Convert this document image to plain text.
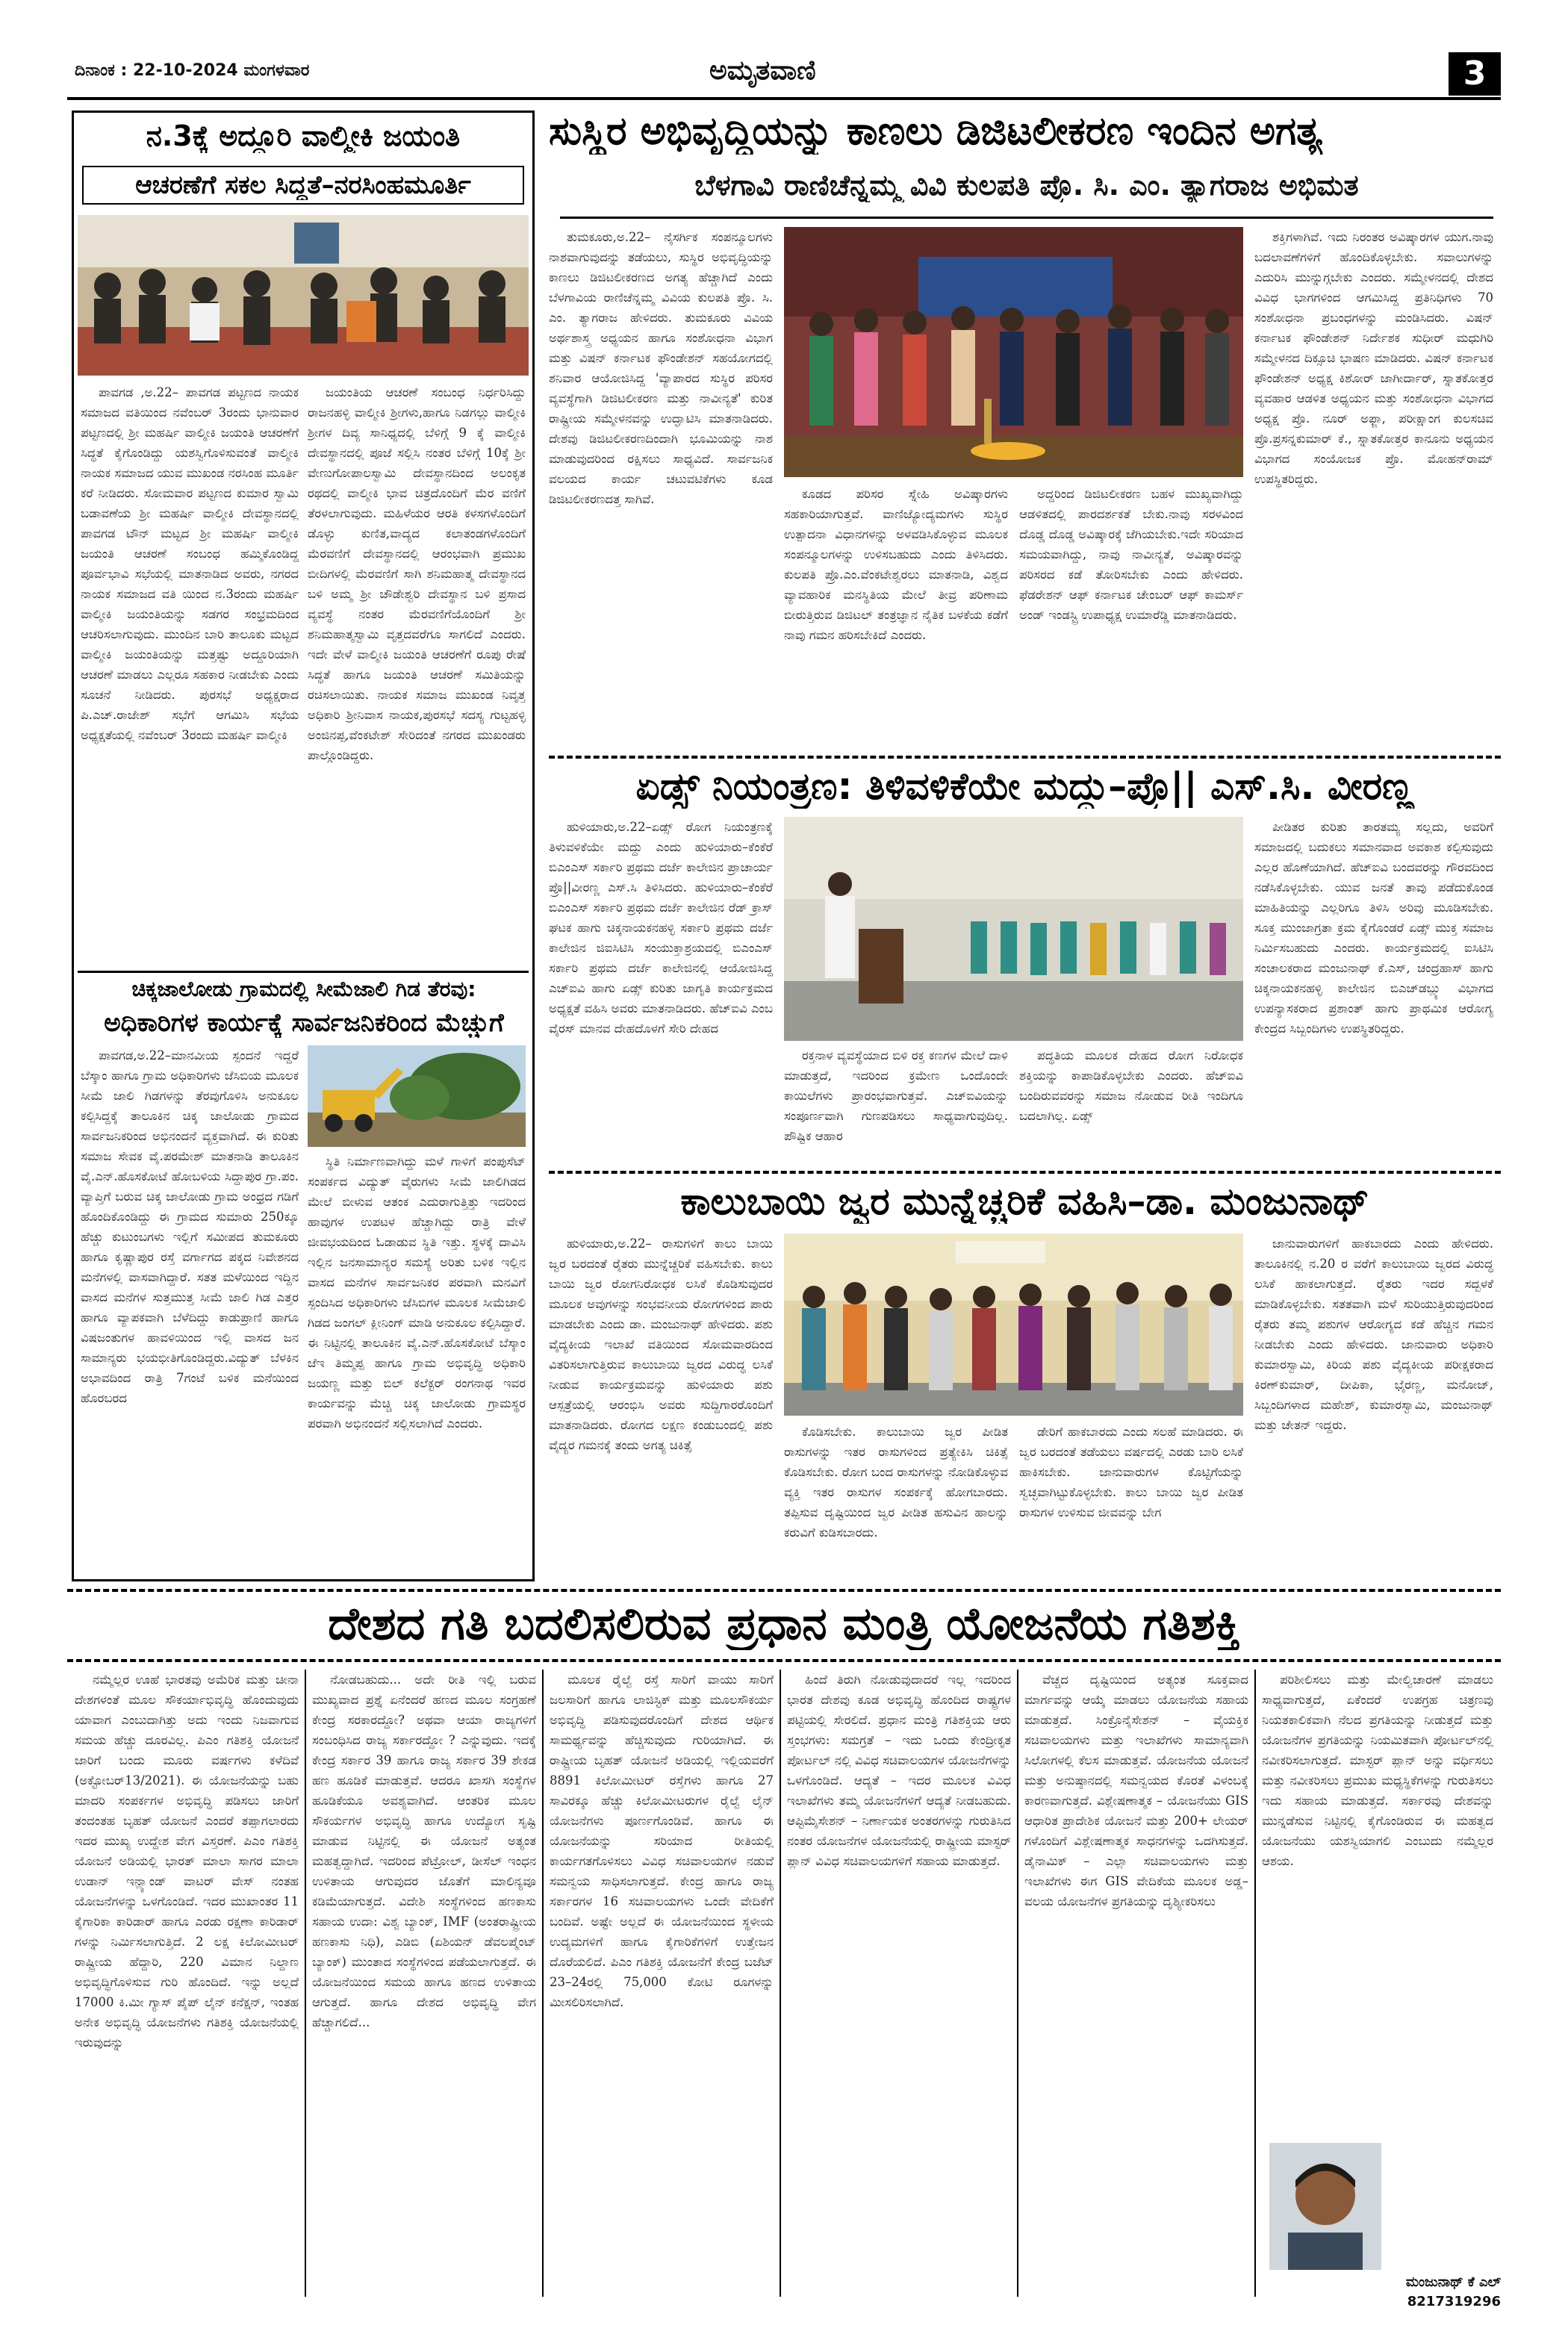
ದಿನಾಂಕ : 22-10-2024 ಮಂಗಳವಾರ	ಅಮೃತವಾಣಿ	3
ನ.3ಕ್ಕೆ ಅದ್ದೂರಿ ವಾಲ್ಮೀಕಿ ಜಯಂತಿ
ಆಚರಣೆಗೆ ಸಕಲ ಸಿದ್ಧತೆ–ನರಸಿಂಹಮೂರ್ತಿ

ಪಾವಗಡ ,ಅ.22– ಪಾವಗಡ ಪಟ್ಟಣದ ನಾಯಕ ಸಮಾಜದ ವತಿಯಿಂದ ನವೆಂಬರ್ 3ರಂದು ಭಾನುವಾರ ಪಟ್ಟಣದಲ್ಲಿ ಶ್ರೀ ಮಹರ್ಷಿ ವಾಲ್ಮೀಕಿ ಜಯಂತಿ ಆಚರಣೆಗೆ ಸಿದ್ಧತೆ ಕೈಗೊಂಡಿದ್ದು ಯಶಸ್ವಿಗೊಳಿಸುವಂತೆ ವಾಲ್ಮೀಕಿ ನಾಯಕ ಸಮಾಜದ ಯುವ ಮುಖಂಡ ನರಸಿಂಹ ಮೂರ್ತಿ ಕರೆ ನೀಡಿದರು. ಸೋಮವಾರ ಪಟ್ಟಣದ ಕುಮಾರ ಸ್ವಾಮಿ ಬಡಾವಣೆಯ ಶ್ರೀ ಮಹರ್ಷಿ ವಾಲ್ಮೀಕಿ ದೇವಸ್ಥಾನದಲ್ಲಿ ಪಾವಗಡ ಟೌನ್ ಮಟ್ಟದ ಶ್ರೀ ಮಹರ್ಷಿ ವಾಲ್ಮೀಕಿ ಜಯಂತಿ ಆಚರಣೆ ಸಂಬಂಧ ಹಮ್ಮಿಕೊಂಡಿದ್ದ ಪೂರ್ವಭಾವಿ ಸಭೆಯಲ್ಲಿ ಮಾತನಾಡಿದ ಅವರು, ನಗರದ ನಾಯಕ ಸಮಾಜದ ವತಿ ಯಿಂದ ನ.3ರಂದು ಮಹರ್ಷಿ ವಾಲ್ಮೀಕಿ ಜಯಂತಿಯನ್ನು ಸಡಗರ ಸಂಭ್ರಮದಿಂದ ಆಚರಿಸಲಾಗುವುದು. ಮುಂದಿನ ಬಾರಿ ತಾಲೂಕು ಮಟ್ಟದ ವಾಲ್ಮೀಕಿ ಜಯಂತಿಯನ್ನು ಮತ್ತಷ್ಟು ಅದ್ದೂರಿಯಾಗಿ ಆಚರಣೆ ಮಾಡಲು ಎಲ್ಲರೂ ಸಹಕಾರ ನೀಡಬೇಕು ಎಂದು ಸೂಚನೆ ನೀಡಿದರು. ಪುರಸಭೆ ಅಧ್ಯಕ್ಷರಾದ ಪಿ.ಎಚ್.ರಾಜೇಶ್ ಸಭೆಗೆ ಆಗಮಿಸಿ ಸಭೆಯ ಅಧ್ಯಕ್ಷತೆಯಲ್ಲಿ ನವೆಂಬರ್ 3ರಂದು ಮಹರ್ಷಿ ವಾಲ್ಮೀಕಿ

ಜಯಂತಿಯ ಆಚರಣೆ ಸಂಬಂಧ ನಿರ್ಧರಿಸಿದ್ದು ರಾಜನಹಳ್ಳಿ ವಾಲ್ಮೀಕಿ ಶ್ರೀಗಳು,ಹಾಗೂ ನಿಡಗಲ್ಲು ವಾಲ್ಮೀಕಿ ಶ್ರೀಗಳ ದಿವ್ಯ ಸಾನಿಧ್ಯದಲ್ಲಿ ಬೆಳಿಗ್ಗೆ 9 ಕ್ಕೆ ವಾಲ್ಮೀಕಿ ದೇವಸ್ಥಾನದಲ್ಲಿ ಪೂಜೆ ಸಲ್ಲಿಸಿ ನಂತರ ಬೆಳಿಗ್ಗೆ 10ಕ್ಕೆ ಶ್ರೀ ವೇಣುಗೋಪಾಲಸ್ವಾಮಿ ದೇವಸ್ಥಾನದಿಂದ ಅಲಂಕೃತ ರಥದಲ್ಲಿ ವಾಲ್ಮೀಕಿ ಭಾವ ಚಿತ್ರದೊಂದಿಗೆ ಮೆರ ವಣಿಗೆ ತೆರಳಲಾಗುವುದು. ಮಹಿಳೆಯರ ಆರತಿ ಕಳಸಗಳೊಂದಿಗೆ ಡೊಳ್ಳು ಕುಣಿತ,ವಾದ್ಯದ ಕಲಾತಂಡಗಳೊಂದಿಗೆ ಮೆರವಣಿಗೆ ದೇವಸ್ಥಾನದಲ್ಲಿ ಆರಂಭವಾಗಿ ಪ್ರಮುಖ ಬೀದಿಗಳಲ್ಲಿ ಮೆರವಣಿಗೆ ಸಾಗಿ ಶನಿಮಹಾತ್ಮ ದೇವಸ್ಥಾನದ ಬಳಿ ಅಮ್ಮ ಶ್ರೀ ಚೌಡೇಶ್ವರಿ ದೇವಸ್ಥಾನ ಬಳಿ ಪ್ರಸಾದ ವ್ಯವಸ್ಥೆ ನಂತರ ಮೆರವಣಿಗೆಯೊಂದಿಗೆ ಶ್ರೀ ಶನಿಮಹಾತ್ಮಸ್ವಾಮಿ ವೃತ್ತದವರೆಗೂ ಸಾಗಲಿದೆ ಎಂದರು. ಇದೇ ವೇಳೆ ವಾಲ್ಮೀಕಿ ಜಯಂತಿ ಆಚರಣೆಗೆ ರೂಪು ರೇಷೆ ಸಿದ್ಧತೆ ಹಾಗೂ ಜಯಂತಿ ಆಚರಣೆ ಸಮಿತಿಯನ್ನು ರಚಿಸಲಾಯಿತು. ನಾಯಕ ಸಮಾಜ ಮುಖಂಡ ನಿವೃತ್ತ ಅಧಿಕಾರಿ ಶ್ರೀನಿವಾಸ ನಾಯಕ,ಪುರಸಭೆ ಸದಸ್ಯ ಗುಟ್ಟಹಳ್ಳಿ ಅಂಜಿನಪ್ಪ,ವೆಂಕಟೇಶ್ ಸೇರಿದಂತೆ ನಗರದ ಮುಖಂಡರು ಪಾಲ್ಗೊಂಡಿದ್ದರು.

ಚಿಕ್ಕಜಾಲೋಡು ಗ್ರಾಮದಲ್ಲಿ ಸೀಮೆಜಾಲಿ ಗಿಡ ತೆರವು:
ಅಧಿಕಾರಿಗಳ ಕಾರ್ಯಕ್ಕೆ ಸಾರ್ವಜನಿಕರಿಂದ ಮೆಚ್ಚುಗೆ

ಪಾವಗಡ,ಅ.22–ಮಾನವೀಯ ಸ್ಪಂದನೆ ಇದ್ದರೆ ಬೆಸ್ಕಾಂ ಹಾಗೂ ಗ್ರಾಮ ಅಧಿಕಾರಿಗಳು ಜೆಸಿಬಿಯ ಮೂಲಕ ಸೀಮೆ ಜಾಲಿ ಗಿಡಗಳನ್ನು ತೆರವುಗೊಳಿಸಿ ಅನುಕೂಲ ಕಲ್ಪಿಸಿದ್ದಕ್ಕೆ ತಾಲೂಕಿನ ಚಿಕ್ಕ ಜಾಲೋಡು ಗ್ರಾಮದ ಸಾರ್ವಜನಿಕರಿಂದ ಅಭಿನಂದನೆ ವ್ಯಕ್ತವಾಗಿದೆ. ಈ ಕುರಿತು ಸಮಾಜ ಸೇವಕ ವೈ.ಪರಮೇಶ್ ಮಾತನಾಡಿ ತಾಲೂಕಿನ ವೈ.ಎನ್.ಹೊಸಕೋಟೆ ಹೋಬಳಿಯ ಸಿದ್ದಾಪುರ ಗ್ರಾ.ಪಂ. ವ್ಯಾಪ್ತಿಗೆ ಬರುವ ಚಿಕ್ಕ ಜಾಲೋಡು ಗ್ರಾಮ ಅಂಧ್ರದ ಗಡಿಗೆ ಹೊಂದಿಕೊಂಡಿದ್ದು ಈ ಗ್ರಾಮದ ಸುಮಾರು 250ಕ್ಕೂ ಹೆಚ್ಚು ಕುಟುಂಬಗಳು ಇಲ್ಲಿಗೆ ಸಮೀಪದ ತುಮಕೂರು ಹಾಗೂ ಕೃಷ್ಣಾಪುರ ರಸ್ತೆ ವರ್ಗಾಗದ ಪಕ್ಕದ ನಿವೇಶನದ ಮನೆಗಳಲ್ಲಿ ವಾಸವಾಗಿದ್ದಾರೆ. ಸತತ ಮಳೆಯಿಂದ ಇದ್ದಿನ ವಾಸದ ಮನೆಗಳ ಸುತ್ತಮುತ್ತ ಸೀಮೆ ಜಾಲಿ ಗಿಡ ಎತ್ತರ ಹಾಗೂ ವ್ಯಾಪಕವಾಗಿ ಬೆಳೆದಿದ್ದು ಕಾಡುಪ್ರಾಣಿ ಹಾಗೂ ವಿಷಜಂತುಗಳ ಹಾವಳಿಯಿಂದ ಇಲ್ಲಿ ವಾಸದ ಜನ ಸಾಮಾನ್ಯರು ಭಯಭೀತಿಗೊಂಡಿದ್ದರು.ವಿದ್ಯುತ್ ಬೆಳಕಿನ ಅಭಾವದಿಂದ ರಾತ್ರಿ 7ಗಂಟೆ ಬಳಿಕ ಮನೆಯಿಂದ ಹೊರಬರದ

ಸ್ಥಿತಿ ನಿರ್ಮಾಣವಾಗಿದ್ದು ಮಳೆ ಗಾಳಿಗೆ ಪಂಪುಸೆಟ್ ಸಂಪರ್ಕದ ವಿದ್ಯುತ್ ವೈರುಗಳು ಸೀಮೆ ಜಾಲಿಗಿಡದ ಮೇಲೆ ಬೀಳುವ ಆತಂಕ ಎದುರಾಗುತ್ತಿತ್ತು ಇದರಿಂದ ಹಾವುಗಳ ಉಪಟಳ ಹೆಚ್ಚಾಗಿದ್ದು ರಾತ್ರಿ ವೇಳೆ ಜೀವಭಯದಿಂದ ಓಡಾಡುವ ಸ್ಥಿತಿ ಇತ್ತು. ಸ್ಥಳಕ್ಕೆ ದಾವಿಸಿ ಇಲ್ಲಿನ ಜನಸಾಮಾನ್ಯರ ಸಮಸ್ಯೆ ಅರಿತು ಬಳಿಕ ಇಲ್ಲಿನ ವಾಸದ ಮನೆಗಳ ಸಾರ್ವಜನಿಕರ ಪರವಾಗಿ ಮನವಿಗೆ ಸ್ಪಂದಿಸಿದ ಅಧಿಕಾರಿಗಳು ಜೆಸಿಬಿಗಳ ಮೂಲಕ ಸೀಮೆಜಾಲಿ ಗಿಡದ ಜಂಗಲ್ ಕ್ಲೀನಿಂಗ್ ಮಾಡಿ ಅನುಕೂಲ ಕಲ್ಪಿಸಿದ್ದಾರೆ. ಈ ನಿಟ್ಟಿನಲ್ಲಿ ತಾಲೂಕಿನ ವೈ.ಎನ್.ಹೊಸಕೋಟೆ ಬೆಸ್ಕಾಂ ಜೆಇ ತಿಮ್ಮಪ್ಪ ಹಾಗೂ ಗ್ರಾಮ ಅಭಿವೃದ್ಧಿ ಅಧಿಕಾರಿ ಜಯಣ್ಣ ಮತ್ತು ಬಿಲ್ ಕಲೆಕ್ಟರ್ ರಂಗನಾಥ ಇವರ ಕಾರ್ಯವನ್ನು ಮೆಚ್ಚಿ ಚಿಕ್ಕ ಜಾಲೋಡು ಗ್ರಾಮಸ್ಥರ ಪರವಾಗಿ ಅಭಿನಂದನೆ ಸಲ್ಲಿಸಲಾಗಿದೆ ಎಂದರು.

ಸುಸ್ಥಿರ ಅಭಿವೃದ್ಧಿಯನ್ನು ಕಾಣಲು ಡಿಜಿಟಲೀಕರಣ ಇಂದಿನ ಅಗತ್ಯ
ಬೆಳಗಾವಿ ರಾಣಿಚೆನ್ನಮ್ಮ ವಿವಿ ಕುಲಪತಿ ಪ್ರೊ. ಸಿ. ಎಂ. ತ್ಯಾಗರಾಜ ಅಭಿಮತ

ತುಮಕೂರು,ಅ.22– ನೈಸರ್ಗಿಕ ಸಂಪನ್ಮೂಲಗಳು ನಾಶವಾಗುವುದನ್ನು ತಡೆಯಲು, ಸುಸ್ಥಿರ ಅಭಿವೃದ್ಧಿಯನ್ನು ಕಾಣಲು ಡಿಜಿಟಲೀಕರಣದ ಅಗತ್ಯ ಹೆಚ್ಚಾಗಿದೆ ಎಂದು ಬೆಳಗಾವಿಯ ರಾಣಿಚೆನ್ನಮ್ಮ ವಿವಿಯ ಕುಲಪತಿ ಪ್ರೊ. ಸಿ. ಎಂ. ತ್ಯಾಗರಾಜ ಹೇಳಿದರು. ತುಮಕೂರು ವಿವಿಯ ಅರ್ಥಶಾಸ್ತ್ರ ಅಧ್ಯಯನ ಹಾಗೂ ಸಂಶೋಧನಾ ವಿಭಾಗ ಮತ್ತು ವಿಷನ್ ಕರ್ನಾಟಕ ಫೌಂಡೇಶನ್ ಸಹಯೋಗದಲ್ಲಿ ಶನಿವಾರ ಆಯೋಜಿಸಿದ್ದ 'ವ್ಯಾಪಾರದ ಸುಸ್ಥಿರ ಪರಿಸರ ವ್ಯವಸ್ಥೆಗಾಗಿ ಡಿಜಿಟಲೀಕರಣ ಮತ್ತು ನಾವೀನ್ಯತೆ' ಕುರಿತ ರಾಷ್ಟ್ರೀಯ ಸಮ್ಮೇಳನವನ್ನು ಉದ್ಘಾಟಿಸಿ ಮಾತನಾಡಿದರು. ದೇಶವು ಡಿಜಿಟಲೀಕರಣದಿಂದಾಗಿ ಭೂಮಿಯನ್ನು ನಾಶ ಮಾಡುವುದರಿಂದ ರಕ್ಷಿಸಲು ಸಾಧ್ಯವಿದೆ. ಸಾರ್ವಜನಿಕ ವಲಯದ ಕಾರ್ಯ ಚಟುವಟಿಕೆಗಳು ಕೂಡ ಡಿಜಿಟಲೀಕರಣದತ್ತ ಸಾಗಿವೆ.	ಕೂಡದ ಪರಿಸರ ಸ್ನೇಹಿ ಅವಿಷ್ಕಾರಗಳು ಸಹಕಾರಿಯಾಗುತ್ತವೆ. ವಾಣಿಜ್ಯೋದ್ಯಮಗಳು ಸುಸ್ಥಿರ ಉತ್ಪಾದನಾ ವಿಧಾನಗಳನ್ನು ಅಳವಡಿಸಿಕೊಳ್ಳುವ ಮೂಲಕ ಸಂಪನ್ಮೂಲಗಳನ್ನು ಉಳಿಸಬಹುದು ಎಂದು ತಿಳಿಸಿದರು. ಕುಲಪತಿ ಪ್ರೊ.ಎಂ.ವೆಂಕಟೇಶ್ವರಲು ಮಾತನಾಡಿ, ವಿಶ್ವದ ವ್ಯಾವಹಾರಿಕ ಮನಸ್ಥಿತಿಯ ಮೇಲೆ ತೀವ್ರ ಪರಿಣಾಮ ಬೀರುತ್ತಿರುವ ಡಿಜಿಟಲ್ ತಂತ್ರಜ್ಞಾನ ನೈತಿಕ ಬಳಕೆಯ ಕಡೆಗೆ ನಾವು ಗಮನ ಹರಿಸಬೇಕಿದೆ ಎಂದರು.

ಅದ್ದರಿಂದ ಡಿಜಿಟಲೀಕರಣ ಬಹಳ ಮುಖ್ಯವಾಗಿದ್ದು ಆಡಳಿತದಲ್ಲಿ ಪಾರದರ್ಶಕತೆ ಬೇಕು.ನಾವು ಸರಳವಿಂದ ದೊಡ್ಡ ದೊಡ್ಡ ಅವಿಷ್ಕಾರಕ್ಕೆ ಜೆಗಿಯಬೇಕು.ಇದೇ ಸರಿಯಾದ ಸಮಯವಾಗಿದ್ದು, ನಾವು ನಾವೀನ್ಯತೆ, ಅವಿಷ್ಕಾರವನ್ನು ಪರಿಸರದ ಕಡೆ ತೋರಿಸಬೇಕು ಎಂದು ಹೇಳಿದರು. ಫೆಡರೇಶನ್ ಆಫ್ ಕರ್ನಾಟಕ ಚೇಂಬರ್ ಆಫ್ ಕಾಮರ್ಸ್ ಅಂಡ್ ಇಂಡಸ್ಟ್ರಿ ಉಪಾಧ್ಯಕ್ಷ ಉಮಾರೆಡ್ಡಿ ಮಾತನಾಡಿದರು.

ಶಕ್ತಿಗಳಾಗಿವೆ. ಇದು ನಿರಂತರ ಅವಿಷ್ಕಾರಗಳ ಯುಗ.ನಾವು ಬದಲಾವಣೆಗಳಿಗೆ ಹೊಂದಿಕೊಳ್ಳಬೇಕು. ಸವಾಲುಗಳನ್ನು ಎದುರಿಸಿ ಮುನ್ನುಗ್ಗಬೇಕು ಎಂದರು. ಸಮ್ಮೇಳನದಲ್ಲಿ ದೇಶದ ವಿವಿಧ ಭಾಗಗಳಿಂದ ಆಗಮಿಸಿದ್ದ ಪ್ರತಿನಿಧಿಗಳು 70 ಸಂಶೋಧನಾ ಪ್ರಬಂಧಗಳನ್ನು ಮಂಡಿಸಿದರು. ವಿಷನ್ ಕರ್ನಾಟಕ ಫೌಂಡೇಶನ್ ನಿರ್ದೇಶಕ ಸುಧೀರ್ ಮಧುಗಿರಿ ಸಮ್ಮೇಳನದ ದಿಕ್ಸೂಚಿ ಭಾಷಣ ಮಾಡಿದರು. ವಿಷನ್ ಕರ್ನಾಟಕ ಫೌಂಡೇಶನ್ ಅಧ್ಯಕ್ಷ ಕಿಶೋರ್ ಜಾಗೀರ್ದಾರ್, ಸ್ನಾತಕೋತ್ತರ ವ್ಯವಹಾರ ಆಡಳಿತ ಅಧ್ಯಯನ ಮತ್ತು ಸಂಶೋಧನಾ ವಿಭಾಗದ ಅಧ್ಯಕ್ಷ ಪ್ರೊ. ನೂರ್ ಅಫ್ಜಾ, ಪರೀಕ್ಷಾಂಗ ಕುಲಸಚಿವ ಪ್ರೊ.ಪ್ರಸನ್ನಕುಮಾರ್ ಕೆ., ಸ್ನಾತಕೋತ್ತರ ಕಾನೂನು ಅಧ್ಯಯನ ವಿಭಾಗದ ಸಂಯೋಜಕ ಪ್ರೊ. ಮೋಹನ್‌ರಾಮ್ ಉಪಸ್ಥಿತರಿದ್ದರು.

ಏಡ್ಸ್ ನಿಯಂತ್ರಣ: ತಿಳಿವಳಿಕೆಯೇ ಮದ್ದು–ಪ್ರೊ|| ಎಸ್.ಸಿ. ವೀರಣ್ಣ

ಹುಳಿಯಾರು,ಅ.22–ಏಡ್ಸ್ ರೋಗ ನಿಯಂತ್ರಣಕ್ಕೆ ತಿಳುವಳಿಕೆಯೇ ಮದ್ದು ಎಂದು ಹುಳಿಯಾರು–ಕೆಂಕೆರೆ ಬಿಎಂಎಸ್ ಸರ್ಕಾರಿ ಪ್ರಥಮ ದರ್ಜೆ ಕಾಲೇಜಿನ ಪ್ರಾಚಾರ್ಯ ಪ್ರೊ||ವೀರಣ್ಣ ಎಸ್.ಸಿ ತಿಳಿಸಿದರು. ಹುಳಿಯಾರು–ಕೆಂಕೆರೆ ಬಿಎಂಎಸ್ ಸರ್ಕಾರಿ ಪ್ರಥಮ ದರ್ಜೆ ಕಾಲೇಜಿನ ರೆಡ್ ಕ್ರಾಸ್ ಘಟಕ ಹಾಗು ಚಿಕ್ಕನಾಯಕನಹಳ್ಳಿ ಸರ್ಕಾರಿ ಪ್ರಥಮ ದರ್ಜೆ ಕಾಲೇಜಿನ ಜಿಐಸಿಟಿಸಿ ಸಂಯುಕ್ತಾಶ್ರಯದಲ್ಲಿ ಬಿಎಂಎಸ್ ಸರ್ಕಾರಿ ಪ್ರಥಮ ದರ್ಜೆ ಕಾಲೇಜಿನಲ್ಲಿ ಆಯೋಜಿಸಿದ್ದ ಎಚ್‌ಐವಿ ಹಾಗು ಏಡ್ಸ್ ಕುರಿತು ಜಾಗೃತಿ ಕಾರ್ಯಕ್ರಮದ ಅಧ್ಯಕ್ಷತೆ ವಹಿಸಿ ಅವರು ಮಾತನಾಡಿದರು. ಹೆಚ್‌ಐವಿ ಎಂಬ ವೈರಸ್ ಮಾನವ ದೇಹದೊಳಗೆ ಸೇರಿ ದೇಹದ

ರಕ್ತನಾಳ ವ್ಯವಸ್ಥೆಯಾದ ಬಿಳಿ ರಕ್ತ ಕಣಗಳ ಮೇಲೆ ದಾಳಿ ಮಾಡುತ್ತದೆ, ಇದರಿಂದ ಕ್ರಮೇಣ ಒಂದೊಂದೇ ಕಾಯಿಲೆಗಳು ಪ್ರಾರಂಭವಾಗುತ್ತವೆ. ಎಚ್‌ಐವಿಯನ್ನು ಸಂಪೂರ್ಣವಾಗಿ ಗುಣಪಡಿಸಲು ಸಾಧ್ಯವಾಗುವುದಿಲ್ಲ. ಪೌಷ್ಟಿಕ ಆಹಾರ

ಪದ್ಧತಿಯ ಮೂಲಕ ದೇಹದ ರೋಗ ನಿರೋಧಕ ಶಕ್ತಿಯನ್ನು ಕಾಪಾಡಿಕೊಳ್ಳಬೇಕು ಎಂದರು. ಹೆಚ್‌ಐವಿ ಬಂದಿರುವವರನ್ನು ಸಮಾಜ ನೋಡುವ ರೀತಿ ಇಂದಿಗೂ ಬದಲಾಗಿಲ್ಲ. ಏಡ್ಸ್

ಪೀಡಿತರ ಕುರಿತು ತಾರತಮ್ಯ ಸಲ್ಲದು, ಅವರಿಗೆ ಸಮಾಜದಲ್ಲಿ ಬದುಕಲು ಸಮಾನವಾದ ಅವಕಾಶ ಕಲ್ಪಿಸುವುದು ಎಲ್ಲರ ಹೊಣೆಯಾಗಿದೆ. ಹೆಚ್‌ಐವಿ ಬಂದವರನ್ನು ಗೌರವದಿಂದ ನಡೆಸಿಕೊಳ್ಳಬೇಕು. ಯುವ ಜನತೆ ತಾವು ಪಡೆದುಕೊಂಡ ಮಾಹಿತಿಯನ್ನು ಎಲ್ಲರಿಗೂ ತಿಳಿಸಿ ಅರಿವು ಮೂಡಿಸಬೇಕು. ಸೂಕ್ತ ಮುಂಜಾಗ್ರತಾ ಕ್ರಮ ಕೈಗೊಂಡರೆ ಏಡ್ಸ್ ಮುಕ್ತ ಸಮಾಜ ನಿರ್ಮಿಸಬಹುದು ಎಂದರು. ಕಾರ್ಯಕ್ರಮದಲ್ಲಿ ಐಸಿಟಿಸಿ ಸಂಚಾಲಕರಾದ ಮಂಜುನಾಥ್ ಕೆ.ಎಸ್, ಚಂದ್ರಹಾಸ್ ಹಾಗು ಚಿಕ್ಕನಾಯಕನಹಳ್ಳಿ ಕಾಲೇಜಿನ ಬಿಎಚ್‌ಡಬ್ಲ್ಯು ವಿಭಾಗದ ಉಪನ್ಯಾಸಕರಾದ ಪ್ರಶಾಂತ್ ಹಾಗು ಪ್ರಾಥಮಿಕ ಆರೋಗ್ಯ ಕೇಂದ್ರದ ಸಿಬ್ಬಂದಿಗಳು ಉಪಸ್ಥಿತರಿದ್ದರು.

ಕಾಲುಬಾಯಿ ಜ್ವರ ಮುನ್ನೆಚ್ಚರಿಕೆ ವಹಿಸಿ–ಡಾ. ಮಂಜುನಾಥ್

ಹುಳಿಯಾರು,ಅ.22– ರಾಸುಗಳಿಗೆ ಕಾಲು ಬಾಯಿ ಜ್ವರ ಬರದಂತೆ ರೈತರು ಮುನ್ನೆಚ್ಚರಿಕೆ ವಹಿಸಬೇಕು. ಕಾಲು ಬಾಯಿ ಜ್ವರ ರೋಗನಿರೋಧಕ ಲಸಿಕೆ ಕೊಡಿಸುವುದರ ಮೂಲಕ ಅವುಗಳನ್ನು ಸಂಭವನೀಯ ರೋಗಗಳಿಂದ ಪಾರು ಮಾಡಬೇಕು ಎಂದು ಡಾ. ಮಂಜುನಾಥ್ ಹೇಳಿದರು. ಪಶು ವೈದ್ಯಕೀಯ ಇಲಾಖೆ ವತಿಯಿಂದ ಸೋಮವಾರದಿಂದ ವಿತರಿಸಲಾಗುತ್ತಿರುವ ಕಾಲುಬಾಯಿ ಜ್ವರದ ವಿರುದ್ಧ ಲಸಿಕೆ ನೀಡುವ ಕಾರ್ಯಕ್ರಮವನ್ನು ಹುಳಿಯಾರು ಪಶು ಆಸ್ಪತ್ರೆಯಲ್ಲಿ ಆರಂಭಿಸಿ ಅವರು ಸುದ್ದಿಗಾರರೊಂದಿಗೆ ಮಾತನಾಡಿದರು. ರೋಗದ ಲಕ್ಷಣ ಕಂಡುಬಂದಲ್ಲಿ ಪಶು ವೈದ್ಯರ ಗಮನಕ್ಕೆ ತಂದು ಅಗತ್ಯ ಚಿಕಿತ್ಸೆ

ಕೊಡಿಸಬೇಕು. ಕಾಲುಬಾಯಿ ಜ್ವರ ಪೀಡಿತ ರಾಸುಗಳನ್ನು ಇತರ ರಾಸುಗಳಿಂದ ಪ್ರತ್ಯೇಕಿಸಿ ಚಿಕಿತ್ಸೆ ಕೊಡಿಸಬೇಕು. ರೋಗ ಬಂದ ರಾಸುಗಳನ್ನು ನೋಡಿಕೊಳ್ಳುವ ವ್ಯಕ್ತಿ ಇತರ ರಾಸುಗಳ ಸಂಪರ್ಕಕ್ಕೆ ಹೋಗಬಾರದು. ತಪ್ಪಿಸುವ ದೃಷ್ಟಿಯಿಂದ ಜ್ವರ ಪೀಡಿತ ಹಸುವಿನ ಹಾಲನ್ನು ಕರುವಿಗೆ ಕುಡಿಸಬಾರದು.

ಡೇರಿಗೆ ಹಾಕಬಾರದು ಎಂದು ಸಲಹೆ ಮಾಡಿದರು. ಈ ಜ್ವರ ಬರದಂತೆ ತಡೆಯಲು ವರ್ಷದಲ್ಲಿ ಎರಡು ಬಾರಿ ಲಸಿಕೆ ಹಾಕಿಸಬೇಕು. ಜಾನುವಾರುಗಳ ಕೊಟ್ಟಿಗೆಯನ್ನು ಸ್ವಚ್ಛವಾಗಿಟ್ಟುಕೊಳ್ಳಬೇಕು. ಕಾಲು ಬಾಯಿ ಜ್ವರ ಪೀಡಿತ ರಾಸುಗಳ ಉಳಿಸುವ ಜೀವವನ್ನು ಬೇಗ

ಜಾನುವಾರುಗಳಿಗೆ ಹಾಕಬಾರದು ಎಂದು ಹೇಳಿದರು. ತಾಲೂಕಿನಲ್ಲಿ ನ.20 ರ ವರೆಗೆ ಕಾಲುಬಾಯಿ ಜ್ವರದ ವಿರುದ್ಧ ಲಸಿಕೆ ಹಾಕಲಾಗುತ್ತದೆ. ರೈತರು ಇದರ ಸದ್ಬಳಕೆ ಮಾಡಿಕೊಳ್ಳಬೇಕು. ಸತತವಾಗಿ ಮಳೆ ಸುರಿಯುತ್ತಿರುವುದರಿಂದ ರೈತರು ತಮ್ಮ ಪಶುಗಳ ಆರೋಗ್ಯದ ಕಡೆ ಹೆಚ್ಚಿನ ಗಮನ ನೀಡಬೇಕು ಎಂದು ಹೇಳಿದರು. ಜಾನುವಾರು ಅಧಿಕಾರಿ ಕುಮಾರಸ್ವಾಮಿ, ಕಿರಿಯ ಪಶು ವೈದ್ಯಕೀಯ ಪರೀಕ್ಷಕರಾದ ಕಿರಣ್‌ಕುಮಾರ್, ದೀಪಿಕಾ, ಭೈರಣ್ಣ, ಮನೋಜ್, ಸಿಬ್ಬಂದಿಗಳಾದ ಮಹೇಶ್, ಕುಮಾರಸ್ವಾಮಿ, ಮಂಜುನಾಥ್ ಮತ್ತು ಚೇತನ್ ಇದ್ದರು.

ದೇಶದ ಗತಿ ಬದಲಿಸಲಿರುವ ಪ್ರಧಾನ ಮಂತ್ರಿ ಯೋಜನೆಯ ಗತಿಶಕ್ತಿ

ನಮ್ಮೆಲ್ಲರ ಊಹೆ ಭಾರತವು ಅಮೆರಿಕ ಮತ್ತು ಚೀನಾ ದೇಶಗಳಂತೆ ಮೂಲ ಸೌಕರ್ಯಾಭಿವೃದ್ಧಿ ಹೊಂದುವುದು ಯಾವಾಗ ಎಂಬುದಾಗಿತ್ತು ಅದು ಇಂದು ನಿಜವಾಗುವ ಸಮಯ ಹೆಚ್ಚು ದೂರವಿಲ್ಲ. ಪಿಎಂ ಗತಿಶಕ್ತಿ ಯೋಜನೆ ಜಾರಿಗೆ ಬಂದು ಮೂರು ವರ್ಷಗಳು ಕಳೆದಿವೆ (ಅಕ್ಟೋಬರ್13/2021). ಈ ಯೋಜನೆಯನ್ನು ಬಹು ಮಾದರಿ ಸಂಪರ್ಕಗಳ ಅಭಿವೃದ್ಧಿ ಪಡಿಸಲು ಜಾರಿಗೆ ತಂದಂತಹ ಬೃಹತ್ ಯೋಜನೆ ಎಂದರೆ ತಪ್ಪಾಗಲಾರದು ಇದರ ಮುಖ್ಯ ಉದ್ದೇಶ ವೇಗ ವಿಸ್ತರಣೆ. ಪಿಎಂ ಗತಿಶಕ್ತಿ ಯೋಜನೆ ಅಡಿಯಲ್ಲಿ ಭಾರತ್ ಮಾಲಾ ಸಾಗರ ಮಾಲಾ ಉಡಾನ್ ಇನ್ಲ್ಯಾಂಡ್ ವಾಟರ್ ವೇಸ್ ನಂತಹ ಯೋಜನೆಗಳನ್ನು ಒಳಗೊಂಡಿದೆ. ಇದರ ಮುಖಾಂತರ 11 ಕೈಗಾರಿಕಾ ಕಾರಿಡಾರ್ ಹಾಗೂ ಎರಡು ರಕ್ಷಣಾ ಕಾರಿಡಾರ್ ಗಳನ್ನು ನಿರ್ಮಿಸಲಾಗುತ್ತಿದೆ. 2 ಲಕ್ಷ ಕಿಲೋಮೀಟರ್ ರಾಷ್ಟ್ರೀಯ ಹೆದ್ದಾರಿ, 220 ವಿಮಾನ ನಿಲ್ದಾಣ ಅಭಿವೃದ್ಧಿಗೊಳಿಸುವ ಗುರಿ ಹೊಂದಿದೆ. ಇನ್ನು ಅಲ್ಲದೆ 17000 ಕಿ.ಮೀ ಗ್ಯಾಸ್ ಪೈಪ್ ಲೈನ್ ಕನೆಕ್ಷನ್, ಇಂತಹ ಅನೇಕ ಅಭಿವೃದ್ಧಿ ಯೋಜನೆಗಳು ಗತಿಶಕ್ತಿ ಯೋಜನೆಯಲ್ಲಿ ಇರುವುದನ್ನು

ನೋಡಬಹುದು... ಅದೇ ರೀತಿ ಇಲ್ಲಿ ಬರುವ ಮುಖ್ಯವಾದ ಪ್ರಶ್ನೆ ಏನೆಂದರೆ ಹಣದ ಮೂಲ ಸಂಗ್ರಹಣೆ ಕೇಂದ್ರ ಸರಕಾರದ್ದೋ? ಅಥವಾ ಆಯಾ ರಾಜ್ಯಗಳಿಗೆ ಸಂಬಂಧಿಸಿದ ರಾಜ್ಯ ಸರ್ಕಾರದ್ದೋ ? ಎನ್ನುವುದು. ಇದಕ್ಕೆ ಕೇಂದ್ರ ಸರ್ಕಾರ 39 ಹಾಗೂ ರಾಜ್ಯ ಸರ್ಕಾರ 39 ಶೇಕಡ ಹಣ ಹೂಡಿಕೆ ಮಾಡುತ್ತವೆ. ಆದರೂ ಖಾಸಗಿ ಸಂಸ್ಥೆಗಳ ಹೂಡಿಕೆಯೂ ಅವಶ್ಯವಾಗಿದೆ. ಆಂತರಿಕ ಮೂಲ ಸೌಕರ್ಯಗಳ ಅಭಿವೃದ್ಧಿ ಹಾಗೂ ಉದ್ಯೋಗ ಸೃಷ್ಟಿ ಮಾಡುವ ನಿಟ್ಟಿನಲ್ಲಿ ಈ ಯೋಜನೆ ಅತ್ಯಂತ ಮಹತ್ವದ್ದಾಗಿದೆ. ಇದರಿಂದ ಪೆಟ್ರೋಲ್, ಡೀಸೆಲ್ ಇಂಧನ ಉಳಿತಾಯ ಆಗುವುದರ ಜೊತೆಗೆ ಮಾಲಿನ್ಯವೂ ಕಡಿಮೆಯಾಗುತ್ತದೆ. ವಿದೇಶಿ ಸಂಸ್ಥೆಗಳಿಂದ ಹಣಕಾಸು ಸಹಾಯ ಉದಾ: ವಿಶ್ವ ಬ್ಯಾಂಕ್, IMF (ಅಂತರಾಷ್ಟ್ರೀಯ ಹಣಕಾಸು ನಿಧಿ), ಎಡಿಬಿ (ಏಶಿಯನ್ ಡೆವಲಪ್ಮೆಂಟ್ ಬ್ಯಾಂಕ್) ಮುಂತಾದ ಸಂಸ್ಥೆಗಳಿಂದ ಪಡೆಯಲಾಗುತ್ತದೆ. ಈ ಯೋಜನೆಯಿಂದ ಸಮಯ ಹಾಗೂ ಹಣದ ಉಳಿತಾಯ ಆಗುತ್ತದೆ. ಹಾಗೂ ದೇಶದ ಅಭಿವೃದ್ಧಿ ವೇಗ ಹೆಚ್ಚಾಗಲಿದೆ...

ಮೂಲಕ ರೈಲ್ವೆ ರಸ್ತೆ ಸಾರಿಗೆ ವಾಯು ಸಾರಿಗೆ ಜಲಸಾರಿಗೆ ಹಾಗೂ ಲಾಜಿಸ್ಟಿಕ್ ಮತ್ತು ಮೂಲಸೌಕರ್ಯ ಅಭಿವೃದ್ಧಿ ಪಡಿಸುವುದರೊಂದಿಗೆ ದೇಶದ ಆರ್ಥಿಕ ಸಾಮರ್ಥ್ಯವನ್ನು ಹೆಚ್ಚಿಸುವುದು ಗುರಿಯಾಗಿದೆ. ಈ ರಾಷ್ಟ್ರೀಯ ಬೃಹತ್ ಯೋಜನೆ ಅಡಿಯಲ್ಲಿ ಇಲ್ಲಿಯವರೆಗೆ 8891 ಕಿಲೋಮೀಟರ್ ರಸ್ತೆಗಳು ಹಾಗೂ 27 ಸಾವಿರಕ್ಕೂ ಹೆಚ್ಚು ಕಿಲೋಮೀಟರುಗಳ ರೈಲ್ವೆ ಲೈನ್ ಯೋಜನೆಗಳು ಪೂರ್ಣಗೊಂಡಿವೆ. ಹಾಗೂ ಈ ಯೋಜನೆಯನ್ನು ಸರಿಯಾದ ರೀತಿಯಲ್ಲಿ ಕಾರ್ಯಗತಗೊಳಿಸಲು ವಿವಿಧ ಸಚಿವಾಲಯಗಳ ನಡುವೆ ಸಮನ್ವಯ ಸಾಧಿಸಲಾಗುತ್ತದೆ. ಕೇಂದ್ರ ಹಾಗೂ ರಾಜ್ಯ ಸರ್ಕಾರಗಳ 16 ಸಚಿವಾಲಯಗಳು ಒಂದೇ ವೇದಿಕೆಗೆ ಬಂದಿವೆ. ಅಷ್ಟೇ ಅಲ್ಲದೆ ಈ ಯೋಜನೆಯಿಂದ ಸ್ಥಳೀಯ ಉದ್ಯಮಗಳಿಗೆ ಹಾಗೂ ಕೈಗಾರಿಕೆಗಳಿಗೆ ಉತ್ತೇಜನ ದೊರೆಯಲಿದೆ. ಪಿಎಂ ಗತಿಶಕ್ತಿ ಯೋಜನೆಗೆ ಕೇಂದ್ರ ಬಜೆಟ್ 23–24ರಲ್ಲಿ 75,000 ಕೋಟಿ ರೂಗಳನ್ನು ಮೀಸಲಿರಿಸಲಾಗಿದೆ.

ಹಿಂದೆ ತಿರುಗಿ ನೋಡುವುದಾದರೆ ಇಲ್ಲ ಇದರಿಂದ ಭಾರತ ದೇಶವು ಕೂಡ ಅಭಿವೃದ್ಧಿ ಹೊಂದಿದ ರಾಷ್ಟ್ರಗಳ ಪಟ್ಟಿಯಲ್ಲಿ ಸೇರಲಿದೆ. ಪ್ರಧಾನ ಮಂತ್ರಿ ಗತಿಶಕ್ತಿಯ ಆರು ಸ್ತಂಭಗಳು: ಸಮಗ್ರತೆ – ಇದು ಒಂದು ಕೇಂದ್ರೀಕೃತ ಪೋರ್ಟಲ್ ನಲ್ಲಿ ವಿವಿಧ ಸಚಿವಾಲಯಗಳ ಯೋಜನೆಗಳನ್ನು ಒಳಗೊಂಡಿದೆ. ಆದ್ಯತೆ – ಇದರ ಮೂಲಕ ವಿವಿಧ ಇಲಾಖೆಗಳು ತಮ್ಮ ಯೋಜನೆಗಳಿಗೆ ಆದ್ಯತೆ ನೀಡಬಹುದು. ಆಪ್ಟಿಮೈಸೇಶನ್ – ನಿರ್ಣಾಯಕ ಅಂತರಗಳನ್ನು ಗುರುತಿಸಿದ ನಂತರ ಯೋಜನೆಗಳ ಯೋಜನೆಯಲ್ಲಿ ರಾಷ್ಟ್ರೀಯ ಮಾಸ್ಟರ್ ಪ್ಲಾನ್ ವಿವಿಧ ಸಚಿವಾಲಯಗಳಿಗೆ ಸಹಾಯ ಮಾಡುತ್ತದೆ.

ವೆಚ್ಚದ ದೃಷ್ಟಿಯಿಂದ ಅತ್ಯಂತ ಸೂಕ್ತವಾದ ಮಾರ್ಗವನ್ನು ಆಯ್ಕೆ ಮಾಡಲು ಯೋಜನೆಯ ಸಹಾಯ ಮಾಡುತ್ತದೆ. ಸಿಂಕ್ರೊನೈಸೇಶನ್ – ವೈಯಕ್ತಿಕ ಸಚಿವಾಲಯಗಳು ಮತ್ತು ಇಲಾಖೆಗಳು ಸಾಮಾನ್ಯವಾಗಿ ಸಿಲೋಗಳಲ್ಲಿ ಕೆಲಸ ಮಾಡುತ್ತವೆ. ಯೋಜನೆಯ ಯೋಜನೆ ಮತ್ತು ಅನುಷ್ಠಾನದಲ್ಲಿ ಸಮನ್ವಯದ ಕೊರತೆ ವಿಳಂಬಕ್ಕೆ ಕಾರಣವಾಗುತ್ತದೆ. ವಿಶ್ಲೇಷಣಾತ್ಮಕ – ಯೋಜನೆಯು GIS ಆಧಾರಿತ ಪ್ರಾದೇಶಿಕ ಯೋಜನೆ ಮತ್ತು 200+ ಲೇಯರ್ ಗಳೊಂದಿಗೆ ವಿಶ್ಲೇಷಣಾತ್ಮಕ ಸಾಧನಗಳನ್ನು ಒದಗಿಸುತ್ತದೆ. ಡೈನಾಮಿಕ್ – ಎಲ್ಲಾ ಸಚಿವಾಲಯಗಳು ಮತ್ತು ಇಲಾಖೆಗಳು ಈಗ GIS ವೇದಿಕೆಯ ಮೂಲಕ ಅಡ್ಡ–ವಲಯ ಯೋಜನೆಗಳ ಪ್ರಗತಿಯನ್ನು ದೃಶ್ಯೀಕರಿಸಲು

ಪರಿಶೀಲಿಸಲು ಮತ್ತು ಮೇಲ್ವಿಚಾರಣೆ ಮಾಡಲು ಸಾಧ್ಯವಾಗುತ್ತದೆ, ಏಕೆಂದರೆ ಉಪಗ್ರಹ ಚಿತ್ರಣವು ನಿಯತಕಾಲಿಕವಾಗಿ ನೆಲದ ಪ್ರಗತಿಯನ್ನು ನೀಡುತ್ತದೆ ಮತ್ತು ಯೋಜನೆಗಳ ಪ್ರಗತಿಯನ್ನು ನಿಯಮಿತವಾಗಿ ಪೋರ್ಟಲ್‌ನಲ್ಲಿ ನವೀಕರಿಸಲಾಗುತ್ತದೆ. ಮಾಸ್ಟರ್ ಪ್ಲಾನ್ ಅನ್ನು ವರ್ಧಿಸಲು ಮತ್ತು ನವೀಕರಿಸಲು ಪ್ರಮುಖ ಮಧ್ಯಸ್ಥಿಕೆಗಳನ್ನು ಗುರುತಿಸಲು ಇದು ಸಹಾಯ ಮಾಡುತ್ತದೆ. ಸರ್ಕಾರವು ದೇಶವನ್ನು ಮುನ್ನಡೆಸುವ ನಿಟ್ಟಿನಲ್ಲಿ ಕೈಗೊಂಡಿರುವ ಈ ಮಹತ್ವದ ಯೋಜನೆಯು ಯಶಸ್ವಿಯಾಗಲಿ ಎಂಬುದು ನಮ್ಮೆಲ್ಲರ ಆಶಯ.

ಮಂಜುನಾಥ್ ಕೆ ಎಲ್
8217319296
